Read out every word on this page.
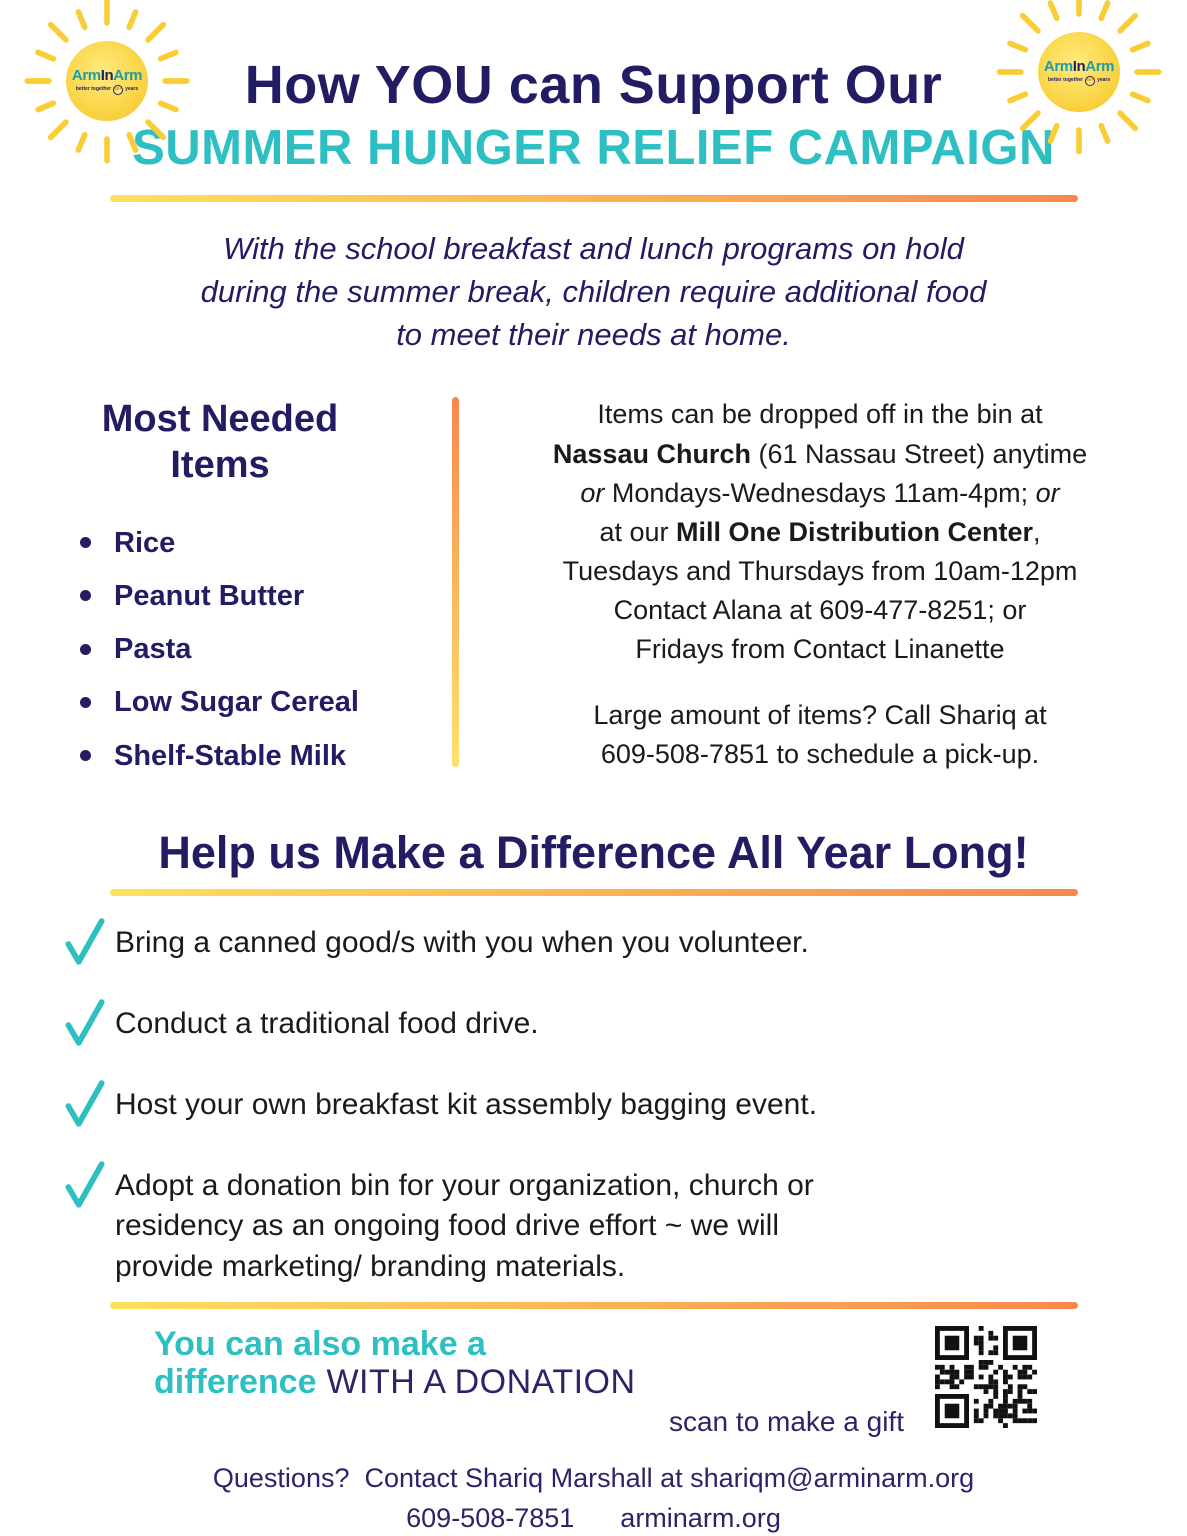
ArmInArm
better together 40+ years
ArmInArm
better together 40+ years
How YOU can Support Our
SUMMER HUNGER RELIEF CAMPAIGN
With the school breakfast and lunch programs on hold
during the summer break, children require additional food
to meet their needs at home.
Most Needed
Items
Rice
Peanut Butter
Pasta
Low Sugar Cereal
Shelf-Stable Milk
Items can be dropped off in the bin at
Nassau Church (61 Nassau Street) anytime
or Mondays-Wednesdays 11am-4pm; or
at our Mill One Distribution Center,
Tuesdays and Thursdays from 10am-12pm
Contact Alana at 609-477-8251; or
Fridays from Contact Linanette
Large amount of items? Call Shariq at
609-508-7851 to schedule a pick-up.
Help us Make a Difference All Year Long!
Bring a canned good/s with you when you volunteer.
Conduct a traditional food drive.
Host your own breakfast kit assembly bagging event.
Adopt a donation bin for your organization, church or
residency as an ongoing food drive effort ~ we will
provide marketing/ branding materials.
You can also make a
difference WITH A DONATION
scan to make a gift
Questions? Contact Shariq Marshall at shariqm@arminarm.org
609-508-7851 arminarm.org
